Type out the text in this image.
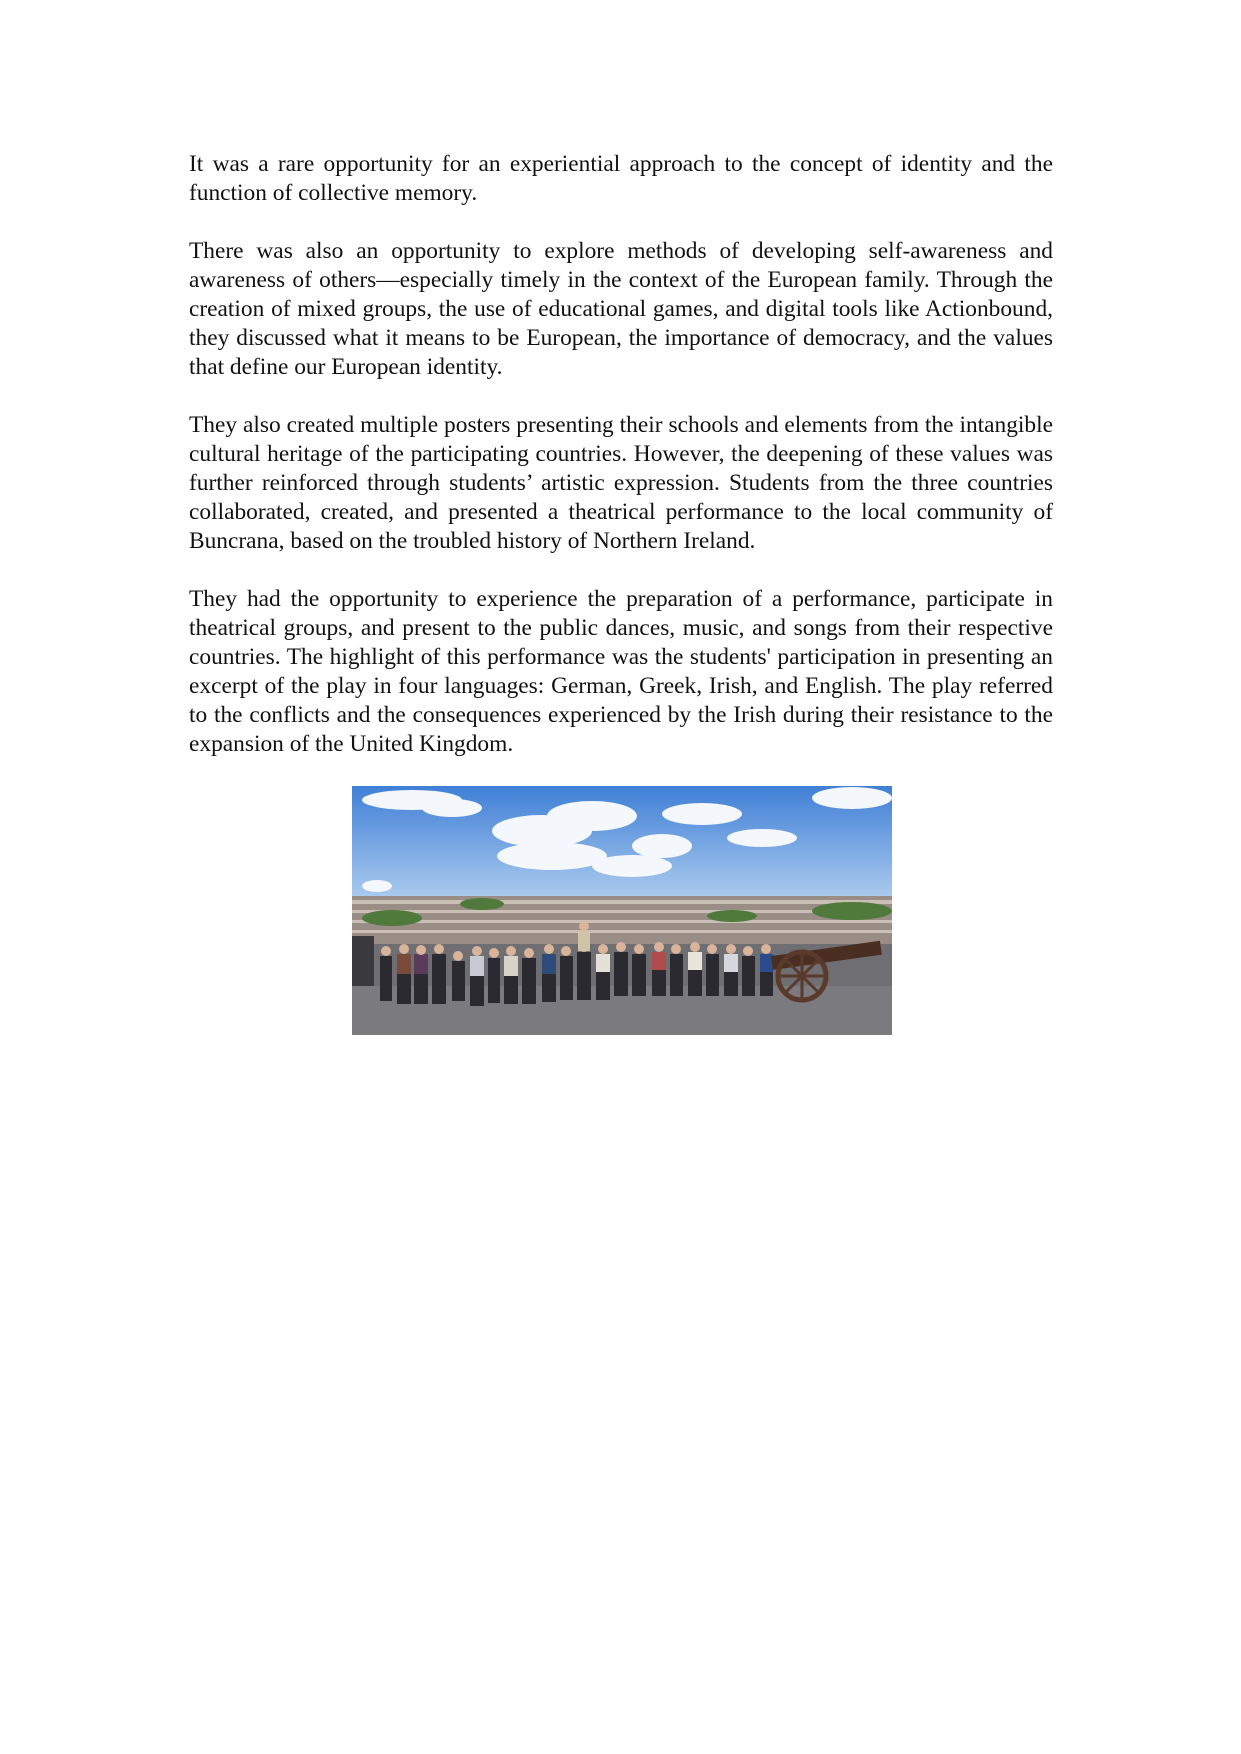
It was a rare opportunity for an experiential approach to the concept of identity and the function of collective memory.

There was also an opportunity to explore methods of developing self-awareness and awareness of others—especially timely in the context of the European family. Through the creation of mixed groups, the use of educational games, and digital tools like Actionbound, they discussed what it means to be European, the importance of democracy, and the values that define our European identity.

They also created multiple posters presenting their schools and elements from the intangible cultural heritage of the participating countries. However, the deepening of these values was further reinforced through students’ artistic expression. Students from the three countries collaborated, created, and presented a theatrical performance to the local community of Buncrana, based on the troubled history of Northern Ireland.

They had the opportunity to experience the preparation of a performance, participate in theatrical groups, and present to the public dances, music, and songs from their respective countries. The highlight of this performance was the students' participation in presenting an excerpt of the play in four languages: German, Greek, Irish, and English. The play referred to the conflicts and the consequences experienced by the Irish during their resistance to the expansion of the United Kingdom.
